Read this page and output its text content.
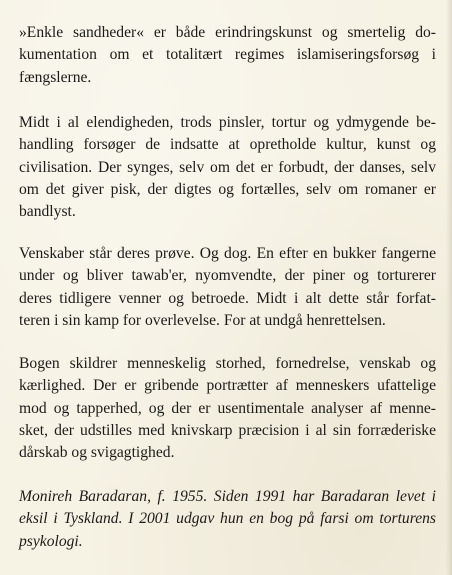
»Enkle sandheder« er både erindringskunst og smertelig do-
kumentation om et totalitært regimes islamiseringsforsøg i
fængslerne.
Midt i al elendigheden, trods pinsler, tortur og ydmygende be-
handling forsøger de indsatte at opretholde kultur, kunst og
civilisation. Der synges, selv om det er forbudt, der danses, selv
om det giver pisk, der digtes og fortælles, selv om romaner er
bandlyst.
Venskaber står deres prøve. Og dog. En efter en bukker fangerne
under og bliver tawab'er, nyomvendte, der piner og torturerer
deres tidligere venner og betroede. Midt i alt dette står forfat-
teren i sin kamp for overlevelse. For at undgå henrettelsen.
Bogen skildrer menneskelig storhed, fornedrelse, venskab og
kærlighed. Der er gribende portrætter af menneskers ufattelige
mod og tapperhed, og der er usentimentale analyser af menne-
sket, der udstilles med knivskarp præcision i al sin forræderiske
dårskab og svigagtighed.
Monireh Baradaran, f. 1955. Siden 1991 har Baradaran levet i
eksil i Tyskland. I 2001 udgav hun en bog på farsi om torturens
psykologi.
